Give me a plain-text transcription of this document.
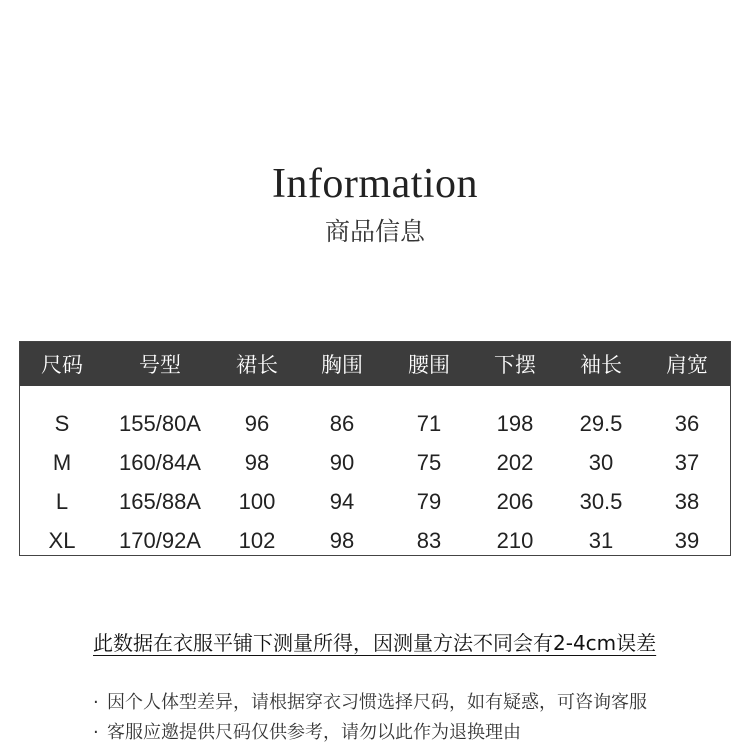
Information
商品信息
尺码	号型	裙长	胸围	腰围	下摆	袖长	肩宽
S	155/80A	96	86	71	198	29.5	36
M	160/84A	98	90	75	202	30	37
L	165/88A	100	94	79	206	30.5	38
XL	170/92A	102	98	83	210	31	39
此数据在衣服平铺下测量所得，因测量方法不同会有2-4cm误差
· 因个人体型差异，请根据穿衣习惯选择尺码，如有疑惑，可咨询客服
· 客服应邀提供尺码仅供参考，请勿以此作为退换理由
